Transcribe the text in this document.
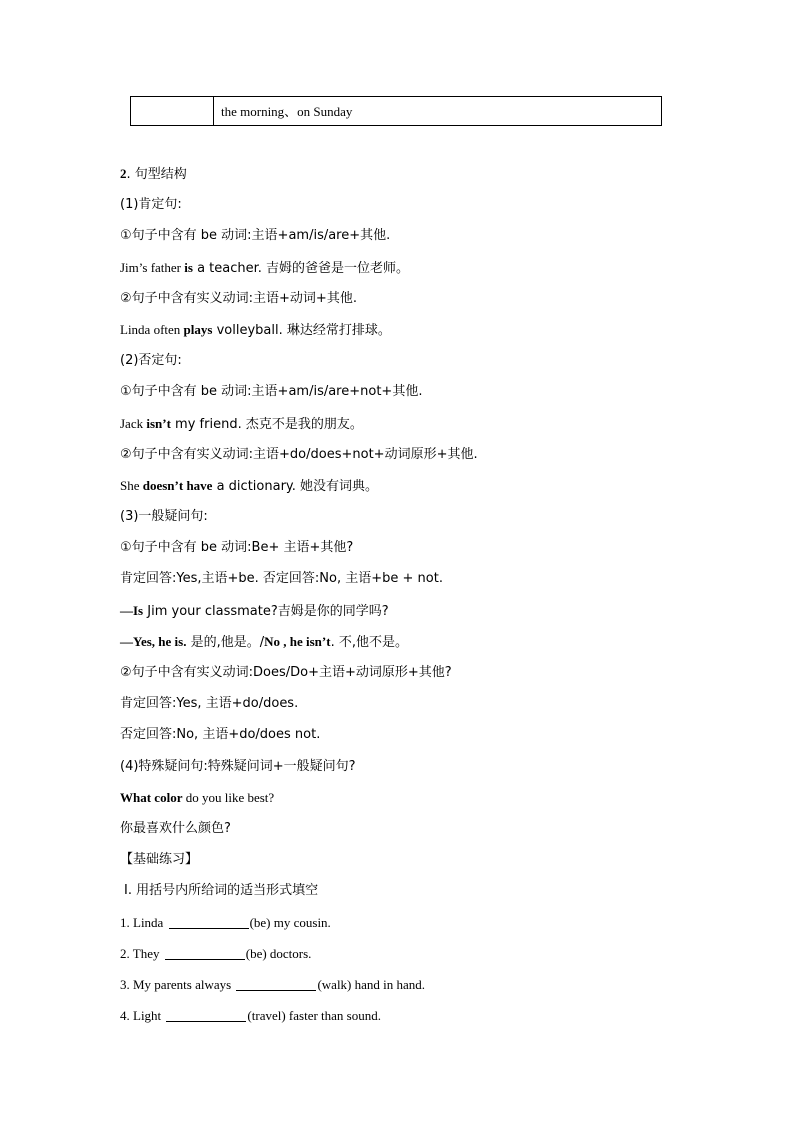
the morning、on Sunday
2. 句型结构
(1)肯定句:
①句子中含有 be 动词:主语+am/is/are+其他.
Jim’s father is a teacher. 吉姆的爸爸是一位老师。
②句子中含有实义动词:主语+动词+其他.
Linda often plays volleyball. 琳达经常打排球。
(2)否定句:
①句子中含有 be 动词:主语+am/is/are+not+其他.
Jack isn’t my friend. 杰克不是我的朋友。
②句子中含有实义动词:主语+do/does+not+动词原形+其他.
She doesn’t have a dictionary. 她没有词典。
(3)一般疑问句:
①句子中含有 be 动词:Be+ 主语+其他?
肯定回答:Yes,主语+be. 否定回答:No, 主语+be + not.
—Is Jim your classmate?吉姆是你的同学吗?
—Yes, he is. 是的,他是。/No , he isn’t. 不,他不是。
②句子中含有实义动词:Does/Do+主语+动词原形+其他?
肯定回答:Yes, 主语+do/does.
否定回答:No, 主语+do/does not.
(4)特殊疑问句:特殊疑问词+一般疑问句?
What color do you like best?
你最喜欢什么颜色?
【基础练习】
Ⅰ. 用括号内所给词的适当形式填空
1. Linda	(be) my cousin.
2. They	(be) doctors.
3. My parents always	(walk) hand in hand.
4. Light	(travel) faster than sound.
